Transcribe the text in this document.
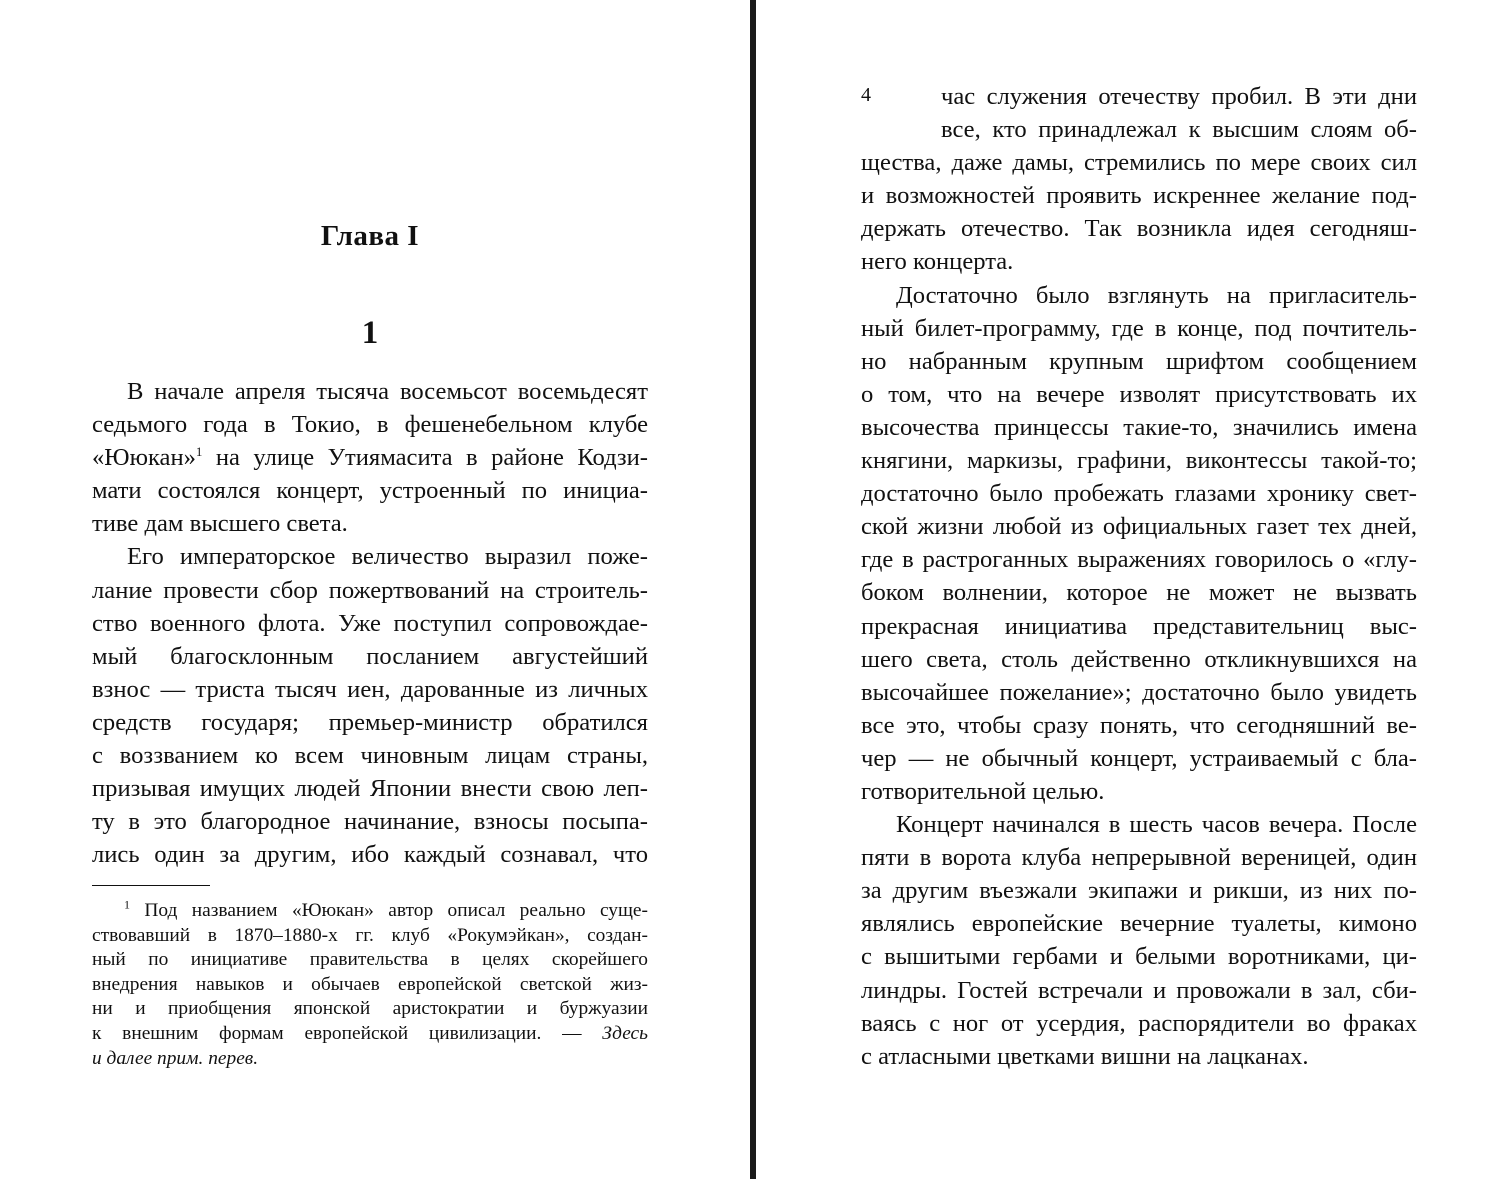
Глава I
1
В начале апреля тысяча восемьсот восемьдесят
седьмого года в Токио, в фешенебельном клубе
«Ююкан»$^1$ на улице Утиямасита в районе Кодзи-
мати состоялся концерт, устроенный по инициа-
тиве дам высшего света.
Его императорское величество выразил поже-
лание провести сбор пожертвований на строитель-
ство военного флота. Уже поступил сопровождае-
мый благосклонным посланием августейший
взнос — триста тысяч иен, дарованные из личных
средств государя; премьер-министр обратился
с воззванием ко всем чиновным лицам страны,
призывая имущих людей Японии внести свою леп-
ту в это благородное начинание, взносы посыпа-
лись один за другим, ибо каждый сознавал, что
$^1$ Под названием «Ююкан» автор описал реально суще-
ствовавший в 1870–1880-х гг. клуб «Рокумэйкан», создан-
ный по инициативе правительства в целях скорейшего
внедрения навыков и обычаев европейской светской жиз-
ни и приобщения японской аристократии и буржуазии
к внешним формам европейской цивилизации. — Здесь
и далее прим. перев.
4	час служения отечеству пробил. В эти дни
все, кто принадлежал к высшим слоям об-
щества, даже дамы, стремились по мере своих сил
и возможностей проявить искреннее желание под-
держать отечество. Так возникла идея сегодняш-
него концерта.
Достаточно было взглянуть на пригласитель-
ный билет-программу, где в конце, под почтитель-
но набранным крупным шрифтом сообщением
о том, что на вечере изволят присутствовать их
высочества принцессы такие-то, значились имена
княгини, маркизы, графини, виконтессы такой-то;
достаточно было пробежать глазами хронику свет-
ской жизни любой из официальных газет тех дней,
где в растроганных выражениях говорилось о «глу-
боком волнении, которое не может не вызвать
прекрасная инициатива представительниц выс-
шего света, столь действенно откликнувшихся на
высочайшее пожелание»; достаточно было увидеть
все это, чтобы сразу понять, что сегодняшний ве-
чер — не обычный концерт, устраиваемый с бла-
готворительной целью.
Концерт начинался в шесть часов вечера. После
пяти в ворота клуба непрерывной вереницей, один
за другим въезжали экипажи и рикши, из них по-
являлись европейские вечерние туалеты, кимоно
с вышитыми гербами и белыми воротниками, ци-
линдры. Гостей встречали и провожали в зал, сби-
ваясь с ног от усердия, распорядители во фраках
с атласными цветками вишни на лацканах.
